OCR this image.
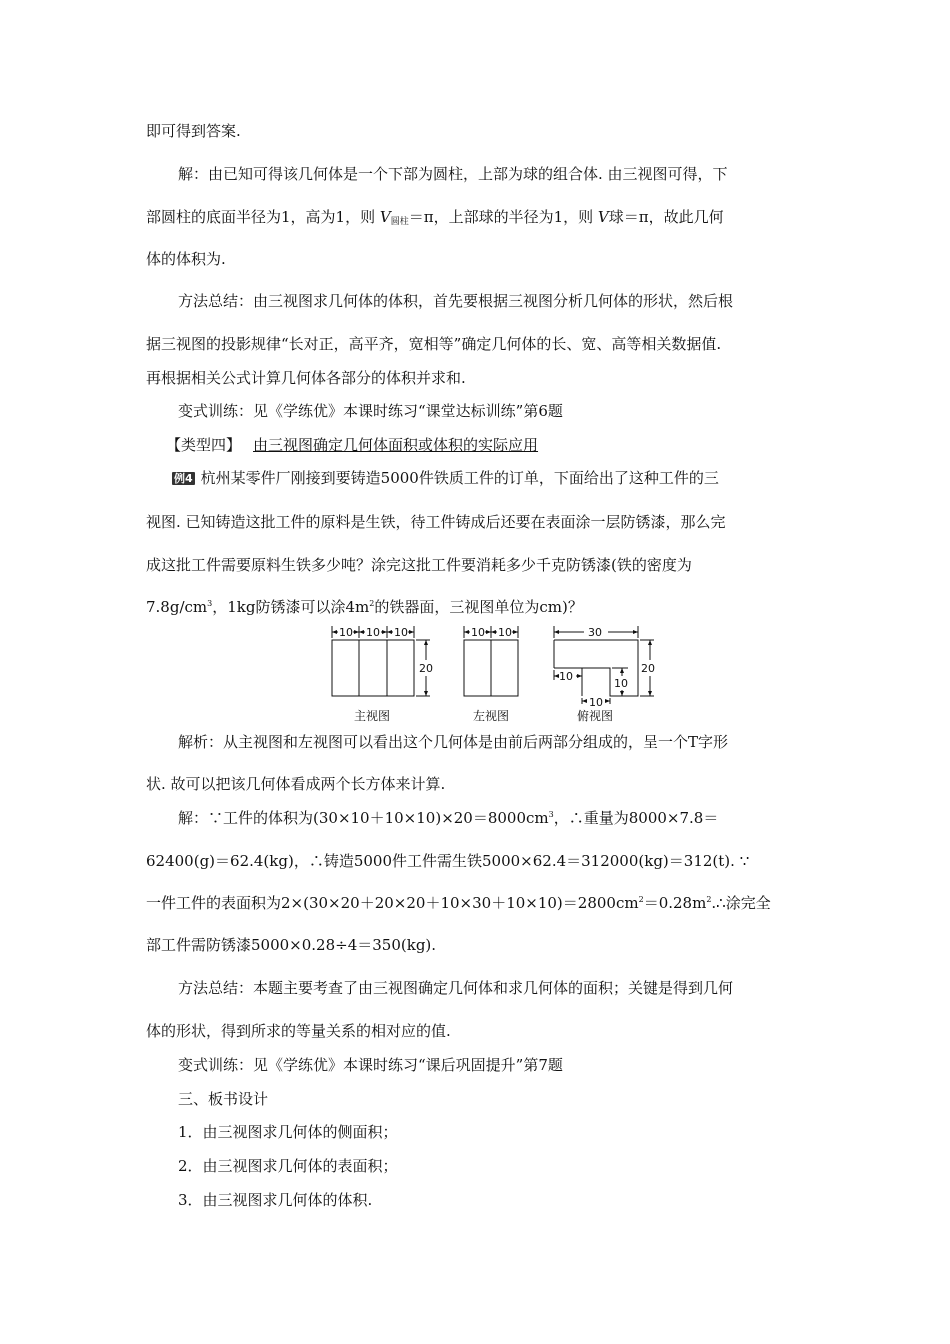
即可得到答案.
解：由已知可得该几何体是一个下部为圆柱，上部为球的组合体. 由三视图可得，下
部圆柱的底面半径为1，高为1，则 $V_{圆柱}=\pi$，上部球的半径为1，则 V球＝π，故此几何
体的体积为.
方法总结：由三视图求几何体的体积，首先要根据三视图分析几何体的形状，然后根
据三视图的投影规律“长对正，高平齐，宽相等”确定几何体的长、宽、高等相关数据值.
再根据相关公式计算几何体各部分的体积并求和.
变式训练：见《学练优》本课时练习“课堂达标训练”第6题
【类型四】 由三视图确定几何体面积或体积的实际应用
例4 杭州某零件厂刚接到要铸造5000件铁质工件的订单，下面给出了这种工件的三
视图. 已知铸造这批工件的原料是生铁，待工件铸成后还要在表面涂一层防锈漆，那么完
成这批工件需要原料生铁多少吨？涂完这批工件要消耗多少千克防锈漆(铁的密度为
$7.8g/cm^3$，1kg防锈漆可以涂$4m^2$的铁器面，三视图单位为cm)？
10 10 10
20
10 10	30
20
10
10
10
主视图	左视图	俯视图
解析：从主视图和左视图可以看出这个几何体是由前后两部分组成的，呈一个T字形
状. 故可以把该几何体看成两个长方体来计算.
解：∵工件的体积为$(30\times 10+10\times 10)\times 20=8000cm^3$，∴重量为8000×7.8＝
62400(g)＝62.4(kg)，∴铸造5000件工件需生铁5000×62.4＝312000(kg)＝312(t). ∵
一件工件的表面积为$2\times(30\times 20+20\times 20+10\times 30+10\times 10)=2800cm^2=0.28m^2.\therefore$涂完全
部工件需防锈漆5000×0.28÷4＝350(kg).
方法总结：本题主要考查了由三视图确定几何体和求几何体的面积；关键是得到几何
体的形状，得到所求的等量关系的相对应的值.
变式训练：见《学练优》本课时练习“课后巩固提升”第7题
三、板书设计
1．由三视图求几何体的侧面积；
2．由三视图求几何体的表面积；
3．由三视图求几何体的体积.
